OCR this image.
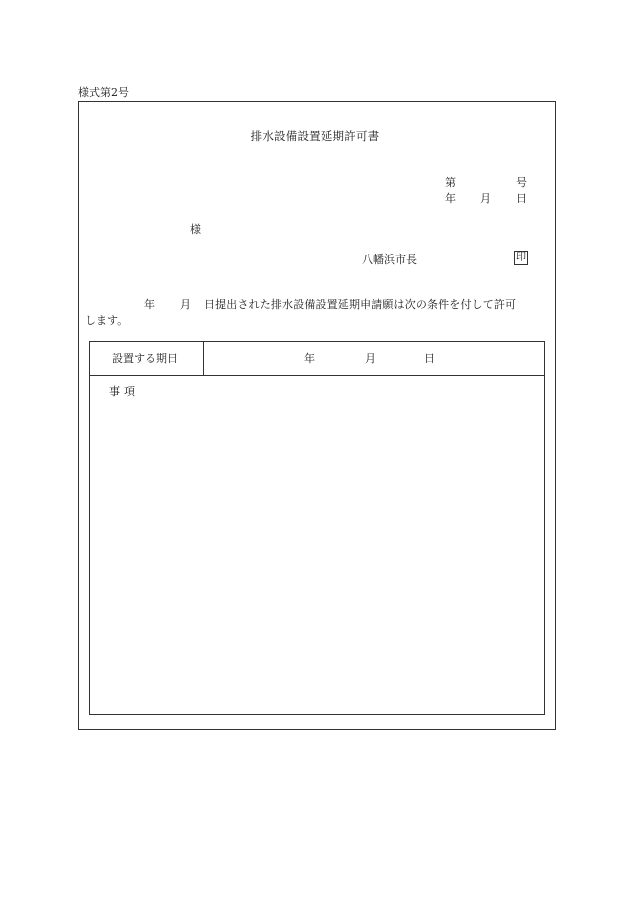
様式第2号
排水設備設置延期許可書
第	号
年 月 日
様
八幡浜市長	印
年 月 日提出された排水設備設置延期申請願は次の条件を付して許可
します。
設置する期日	年	月	日
事項
